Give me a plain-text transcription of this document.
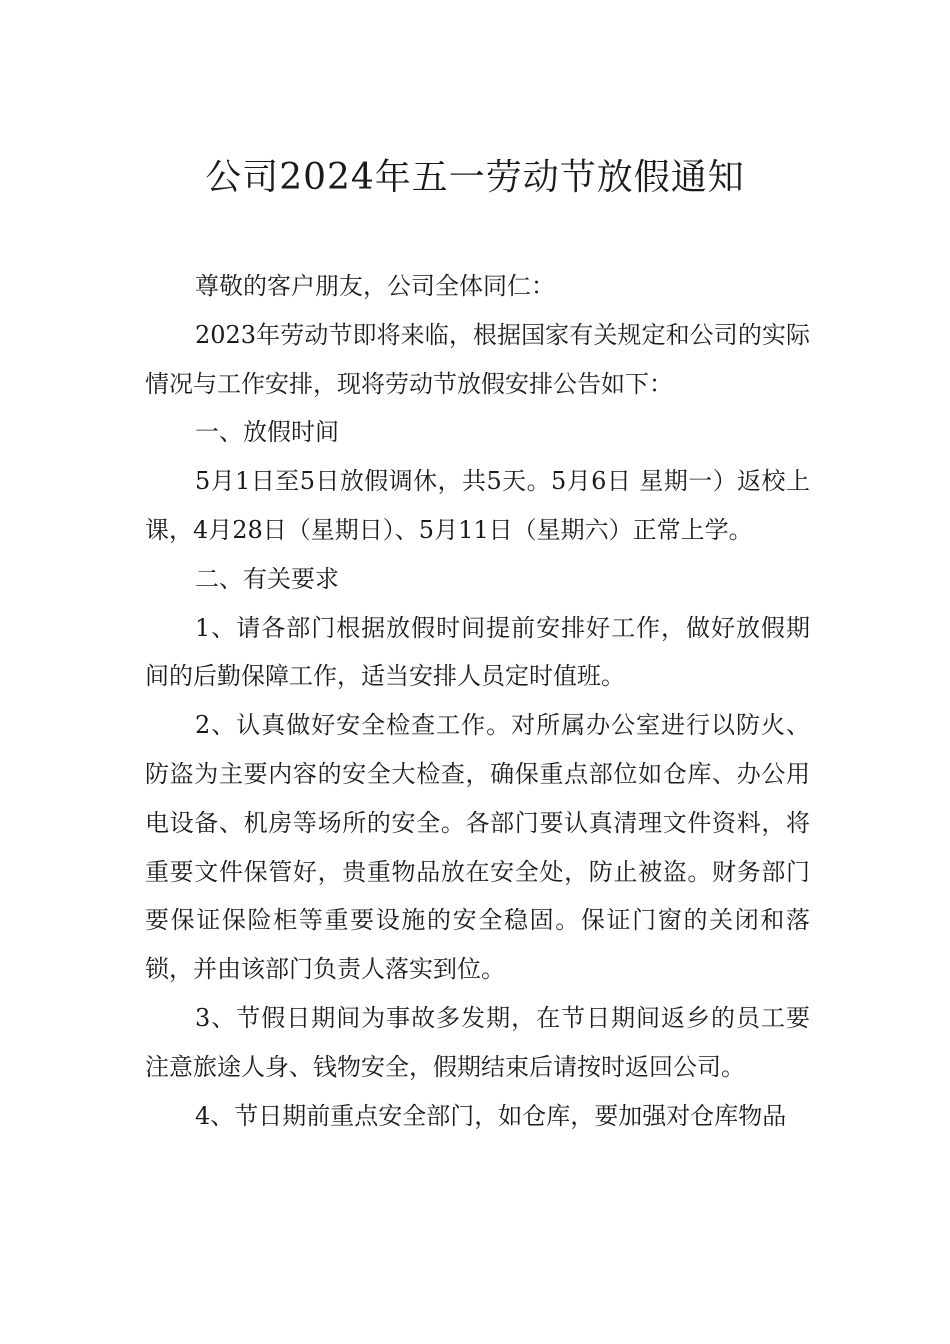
公司2024年五一劳动节放假通知

尊敬的客户朋友，公司全体同仁：

2023年劳动节即将来临，根据国家有关规定和公司的实际情况与工作安排，现将劳动节放假安排公告如下：

一、放假时间

5月1日至5日放假调休，共5天。5月6日 星期一）返校上课，4月28日（星期日）、5月11日（星期六）正常上学。

二、有关要求

1、请各部门根据放假时间提前安排好工作，做好放假期间的后勤保障工作，适当安排人员定时值班。

2、认真做好安全检查工作。对所属办公室进行以防火、防盗为主要内容的安全大检查，确保重点部位如仓库、办公用电设备、机房等场所的安全。各部门要认真清理文件资料，将重要文件保管好，贵重物品放在安全处，防止被盗。财务部门要保证保险柜等重要设施的安全稳固。保证门窗的关闭和落锁，并由该部门负责人落实到位。

3、节假日期间为事故多发期，在节日期间返乡的员工要注意旅途人身、钱物安全，假期结束后请按时返回公司。

4、节日期前重点安全部门，如仓库，要加强对仓库物品
